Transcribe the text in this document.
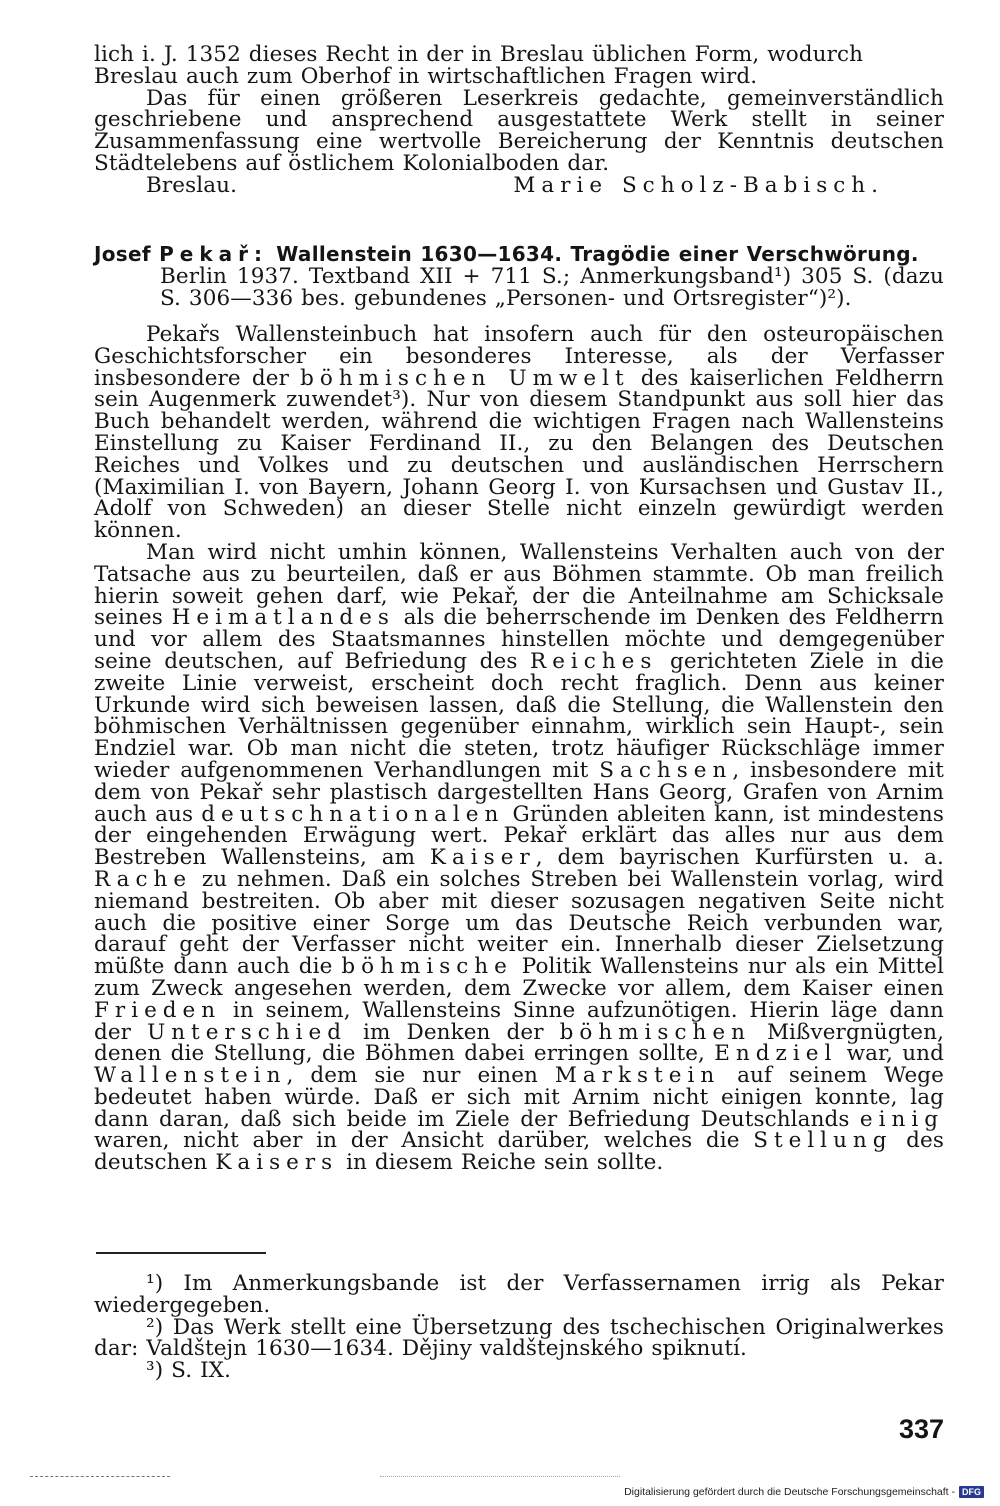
lich i. J. 1352 dieses Recht in der in Breslau üblichen Form, wodurch

Breslau auch zum Oberhof in wirtschaftlichen Fragen wird.

Das für einen größeren Leserkreis gedachte, gemeinverständlich geschriebene und ansprechend ausgestattete Werk stellt in seiner Zusammenfassung eine wertvolle Bereicherung der Kenntnis deutschen Städtelebens auf östlichem Kolonialboden dar.

Breslau.	Marie Scholz-Babisch.

Josef Pekař: Wallenstein 1630—1634. Tragödie einer Verschwörung.

Berlin 1937. Textband XII + 711 S.; Anmerkungsband¹) 305 S. (dazu S. 306—336 bes. gebundenes „Personen- und Ortsregister“)²).

Pekařs Wallensteinbuch hat insofern auch für den osteuropäischen Geschichtsforscher ein besonderes Interesse, als der Verfasser insbesondere der böhmischen Umwelt des kaiserlichen Feldherrn sein Augenmerk zuwendet³). Nur von diesem Standpunkt aus soll hier das Buch behandelt werden, während die wichtigen Fragen nach Wallensteins Einstellung zu Kaiser Ferdinand II., zu den Belangen des Deutschen Reiches und Volkes und zu deutschen und ausländischen Herrschern (Maximilian I. von Bayern, Johann Georg I. von Kursachsen und Gustav II., Adolf von Schweden) an dieser Stelle nicht einzeln gewürdigt werden können.

Man wird nicht umhin können, Wallensteins Verhalten auch von der Tatsache aus zu beurteilen, daß er aus Böhmen stammte. Ob man freilich hierin soweit gehen darf, wie Pekař, der die Anteilnahme am Schicksale seines Heimatlandes als die beherrschende im Denken des Feldherrn und vor allem des Staatsmannes hinstellen möchte und demgegenüber seine deutschen, auf Befriedung des Reiches gerichteten Ziele in die zweite Linie verweist, erscheint doch recht fraglich. Denn aus keiner Urkunde wird sich beweisen lassen, daß die Stellung, die Wallenstein den böhmischen Verhältnissen gegenüber einnahm, wirklich sein Haupt-, sein Endziel war. Ob man nicht die steten, trotz häufiger Rückschläge immer wieder aufgenommenen Verhandlungen mit Sachsen, insbesondere mit dem von Pekař sehr plastisch dargestellten Hans Georg, Grafen von Arnim auch aus deutschnationalen Gründen ableiten kann, ist mindestens der eingehenden Erwägung wert. Pekař erklärt das alles nur aus dem Bestreben Wallensteins, am Kaiser, dem bayrischen Kurfürsten u. a. Rache zu nehmen. Daß ein solches Streben bei Wallenstein vorlag, wird niemand bestreiten. Ob aber mit dieser sozusagen negativen Seite nicht auch die positive einer Sorge um das Deutsche Reich verbunden war, darauf geht der Verfasser nicht weiter ein. Innerhalb dieser Zielsetzung müßte dann auch die böhmische Politik Wallensteins nur als ein Mittel zum Zweck angesehen werden, dem Zwecke vor allem, dem Kaiser einen Frieden in seinem, Wallensteins Sinne aufzunötigen. Hierin läge dann der Unterschied im Denken der böhmischen Mißvergnügten, denen die Stellung, die Böhmen dabei erringen sollte, Endziel war, und Wallenstein, dem sie nur einen Markstein auf seinem Wege bedeutet haben würde. Daß er sich mit Arnim nicht einigen konnte, lag dann daran, daß sich beide im Ziele der Befriedung Deutschlands einig waren, nicht aber in der Ansicht darüber, welches die Stellung des deutschen Kaisers in diesem Reiche sein sollte.

¹) Im Anmerkungsbande ist der Verfassernamen irrig als Pekar wiedergegeben.

²) Das Werk stellt eine Übersetzung des tschechischen Originalwerkes dar: Valdštejn 1630—1634. Dějiny valdštejnského spiknutí.

³) S. IX.

337
Digitalisierung gefördert durch die Deutsche Forschungsgemeinschaft - DFG
